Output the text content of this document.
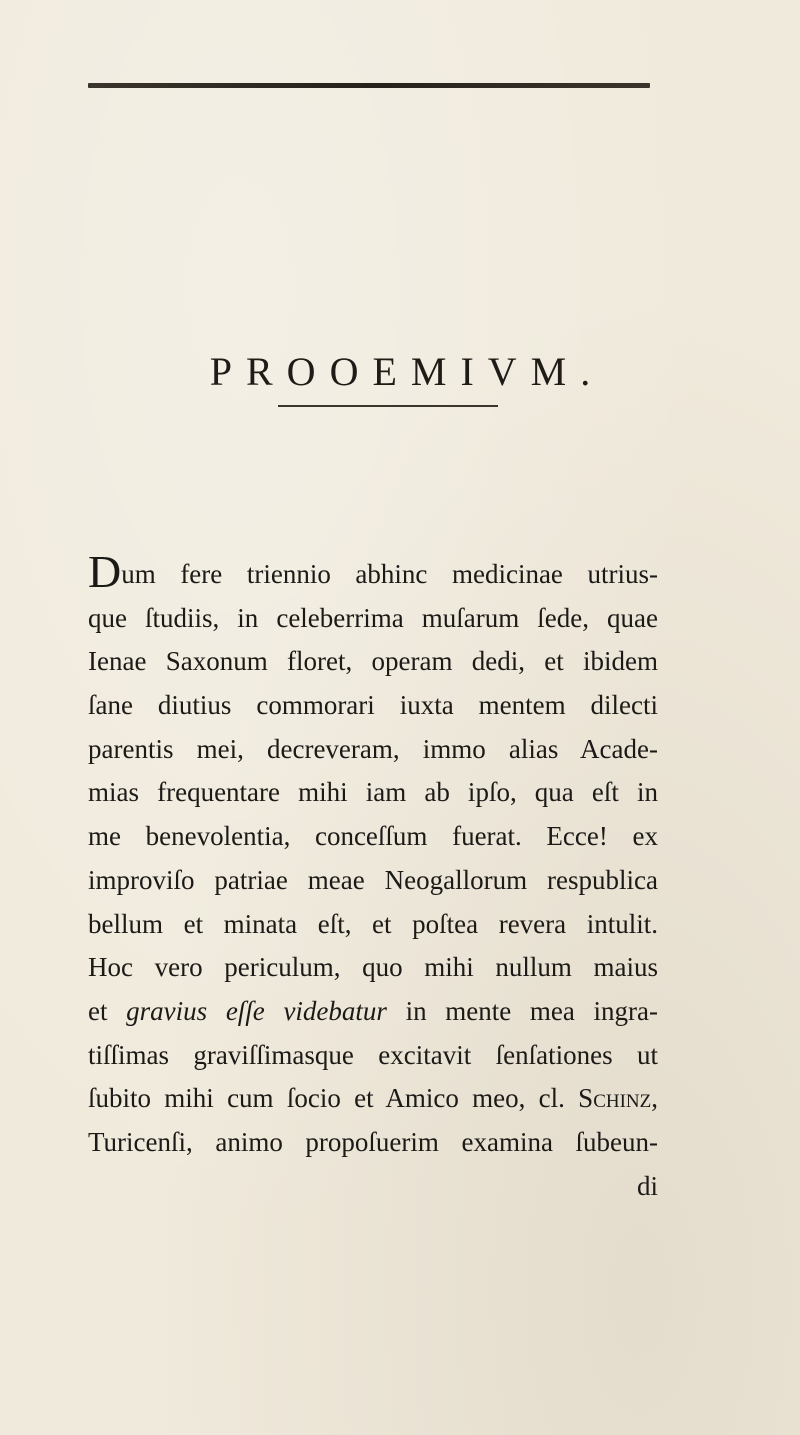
PROOEMIVM.
Dum fere triennio abhinc medicinae utrius-
que ſtudiis, in celeberrima muſarum ſede, quae
Ienae Saxonum floret, operam dedi, et ibidem
ſane diutius commorari iuxta mentem dilecti
parentis mei, decreveram, immo alias Acade-
mias frequentare mihi iam ab ipſo, qua eſt in
me benevolentia, conceſſum fuerat. Ecce! ex
improviſo patriae meae Neogallorum respublica
bellum et minata eſt, et poſtea revera intulit.
Hoc vero periculum, quo mihi nullum maius
et gravius eſſe videbatur in mente mea ingra-
tiſſimas graviſſimasque excitavit ſenſationes ut
ſubito mihi cum ſocio et Amico meo, cl. Schinz,
Turicenſi, animo propoſuerim examina ſubeun-
di
